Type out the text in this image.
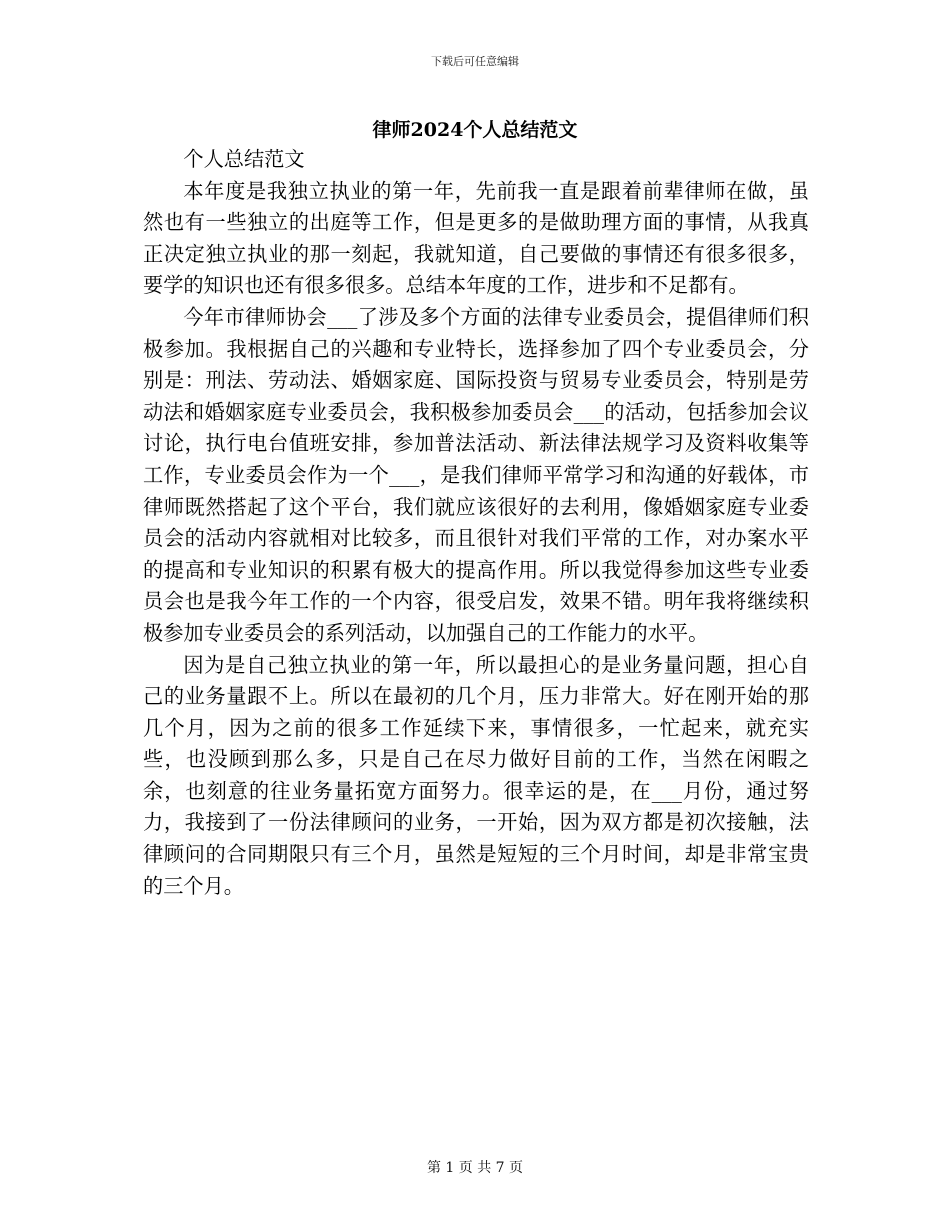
下载后可任意编辑
律师2024个人总结范文

个人总结范文

本年度是我独立执业的第一年，先前我一直是跟着前辈律师在做，虽然也有一些独立的出庭等工作，但是更多的是做助理方面的事情，从我真正决定独立执业的那一刻起，我就知道，自己要做的事情还有很多很多，要学的知识也还有很多很多。总结本年度的工作，进步和不足都有。

今年市律师协会___了涉及多个方面的法律专业委员会，提倡律师们积极参加。我根据自己的兴趣和专业特长，选择参加了四个专业委员会，分别是：刑法、劳动法、婚姻家庭、国际投资与贸易专业委员会，特别是劳动法和婚姻家庭专业委员会，我积极参加委员会___的活动，包括参加会议讨论，执行电台值班安排，参加普法活动、新法律法规学习及资料收集等工作，专业委员会作为一个___，是我们律师平常学习和沟通的好载体，市律师既然搭起了这个平台，我们就应该很好的去利用，像婚姻家庭专业委员会的活动内容就相对比较多，而且很针对我们平常的工作，对办案水平的提高和专业知识的积累有极大的提高作用。所以我觉得参加这些专业委员会也是我今年工作的一个内容，很受启发，效果不错。明年我将继续积极参加专业委员会的系列活动，以加强自己的工作能力的水平。

因为是自己独立执业的第一年，所以最担心的是业务量问题，担心自己的业务量跟不上。所以在最初的几个月，压力非常大。好在刚开始的那几个月，因为之前的很多工作延续下来，事情很多，一忙起来，就充实些，也没顾到那么多，只是自己在尽力做好目前的工作，当然在闲暇之余，也刻意的往业务量拓宽方面努力。很幸运的是，在___月份，通过努力，我接到了一份法律顾问的业务，一开始，因为双方都是初次接触，法律顾问的合同期限只有三个月，虽然是短短的三个月时间，却是非常宝贵的三个月。

第 1 页 共 7 页
